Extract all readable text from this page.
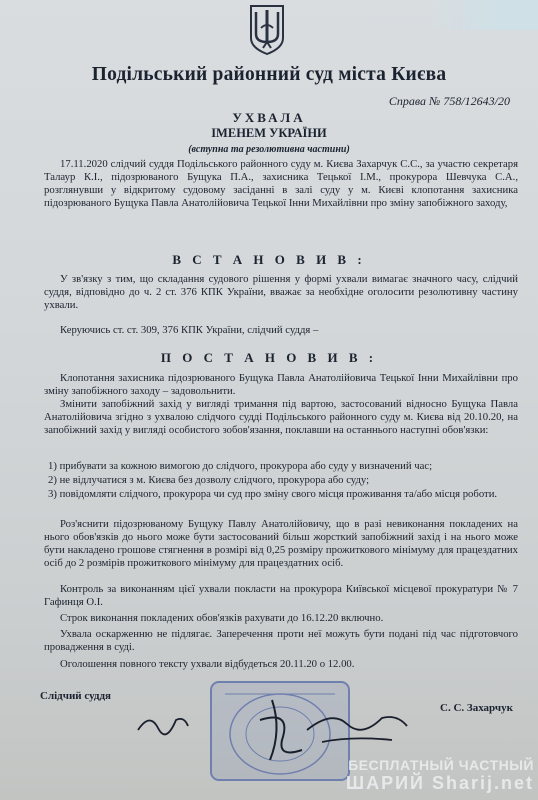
Подільський районний суд міста Києва
Справа № 758/12643/20
УХВАЛА
ІМЕНЕМ УКРАЇНИ
(вступна та резолютивна частини)
17.11.2020 слідчий суддя Подільського районного суду м. Києва Захарчук С.С., за участю секретаря Талаур К.І., підозрюваного Бущука П.А., захисника Тецької І.М., прокурора Шевчука С.А., розглянувши у відкритому судовому засіданні в залі суду у м. Києві клопотання захисника підозрюваного Бущука Павла Анатолійовича Тецької Інни Михайлівни про зміну запобіжного заходу,
В С Т А Н О В И В :
У зв'язку з тим, що складання судового рішення у формі ухвали вимагає значного часу, слідчий суддя, відповідно до ч. 2 ст. 376 КПК України, вважає за необхідне оголосити резолютивну частину ухвали.
Керуючись ст. ст. 309, 376 КПК України, слідчий суддя –
П О С Т А Н О В И В :
Клопотання захисника підозрюваного Бущука Павла Анатолійовича Тецької Інни Михайлівни про зміну запобіжного заходу – задовольнити.
Змінити запобіжний захід у вигляді тримання під вартою, застосований відносно Бущука Павла Анатолійовича згідно з ухвалою слідчого судді Подільського районного суду м. Києва від 20.10.20, на запобіжний захід у вигляді особистого зобов'язання, поклавши на останнього наступні обов'язки:
1) прибувати за кожною вимогою до слідчого, прокурора або суду у визначений час;
2) не відлучатися з м. Києва без дозволу слідчого, прокурора або суду;
3) повідомляти слідчого, прокурора чи суд про зміну свого місця проживання та/або місця роботи.
Роз'яснити підозрюваному Бущуку Павлу Анатолійовичу, що в разі невиконання покладених на нього обов'язків до нього може бути застосований більш жорсткий запобіжний захід і на нього може бути накладено грошове стягнення в розмірі від 0,25 розміру прожиткового мінімуму для працездатних осіб до 2 розмірів прожиткового мінімуму для працездатних осіб.
Контроль за виконанням цієї ухвали покласти на прокурора Київської місцевої прокуратури № 7 Гафинця О.І.
Строк виконання покладених обов'язків рахувати до 16.12.20 включно.
Ухвала оскарженню не підлягає. Заперечення проти неї можуть бути подані під час підготовчого провадження в суді.
Оголошення повного тексту ухвали відбудеться 20.11.20 о 12.00.
Слідчий суддя
С. С. Захарчук
БЕСПЛАТНЫЙ ЧАСТНЫЙ
ШАРИЙ Sharij.net
